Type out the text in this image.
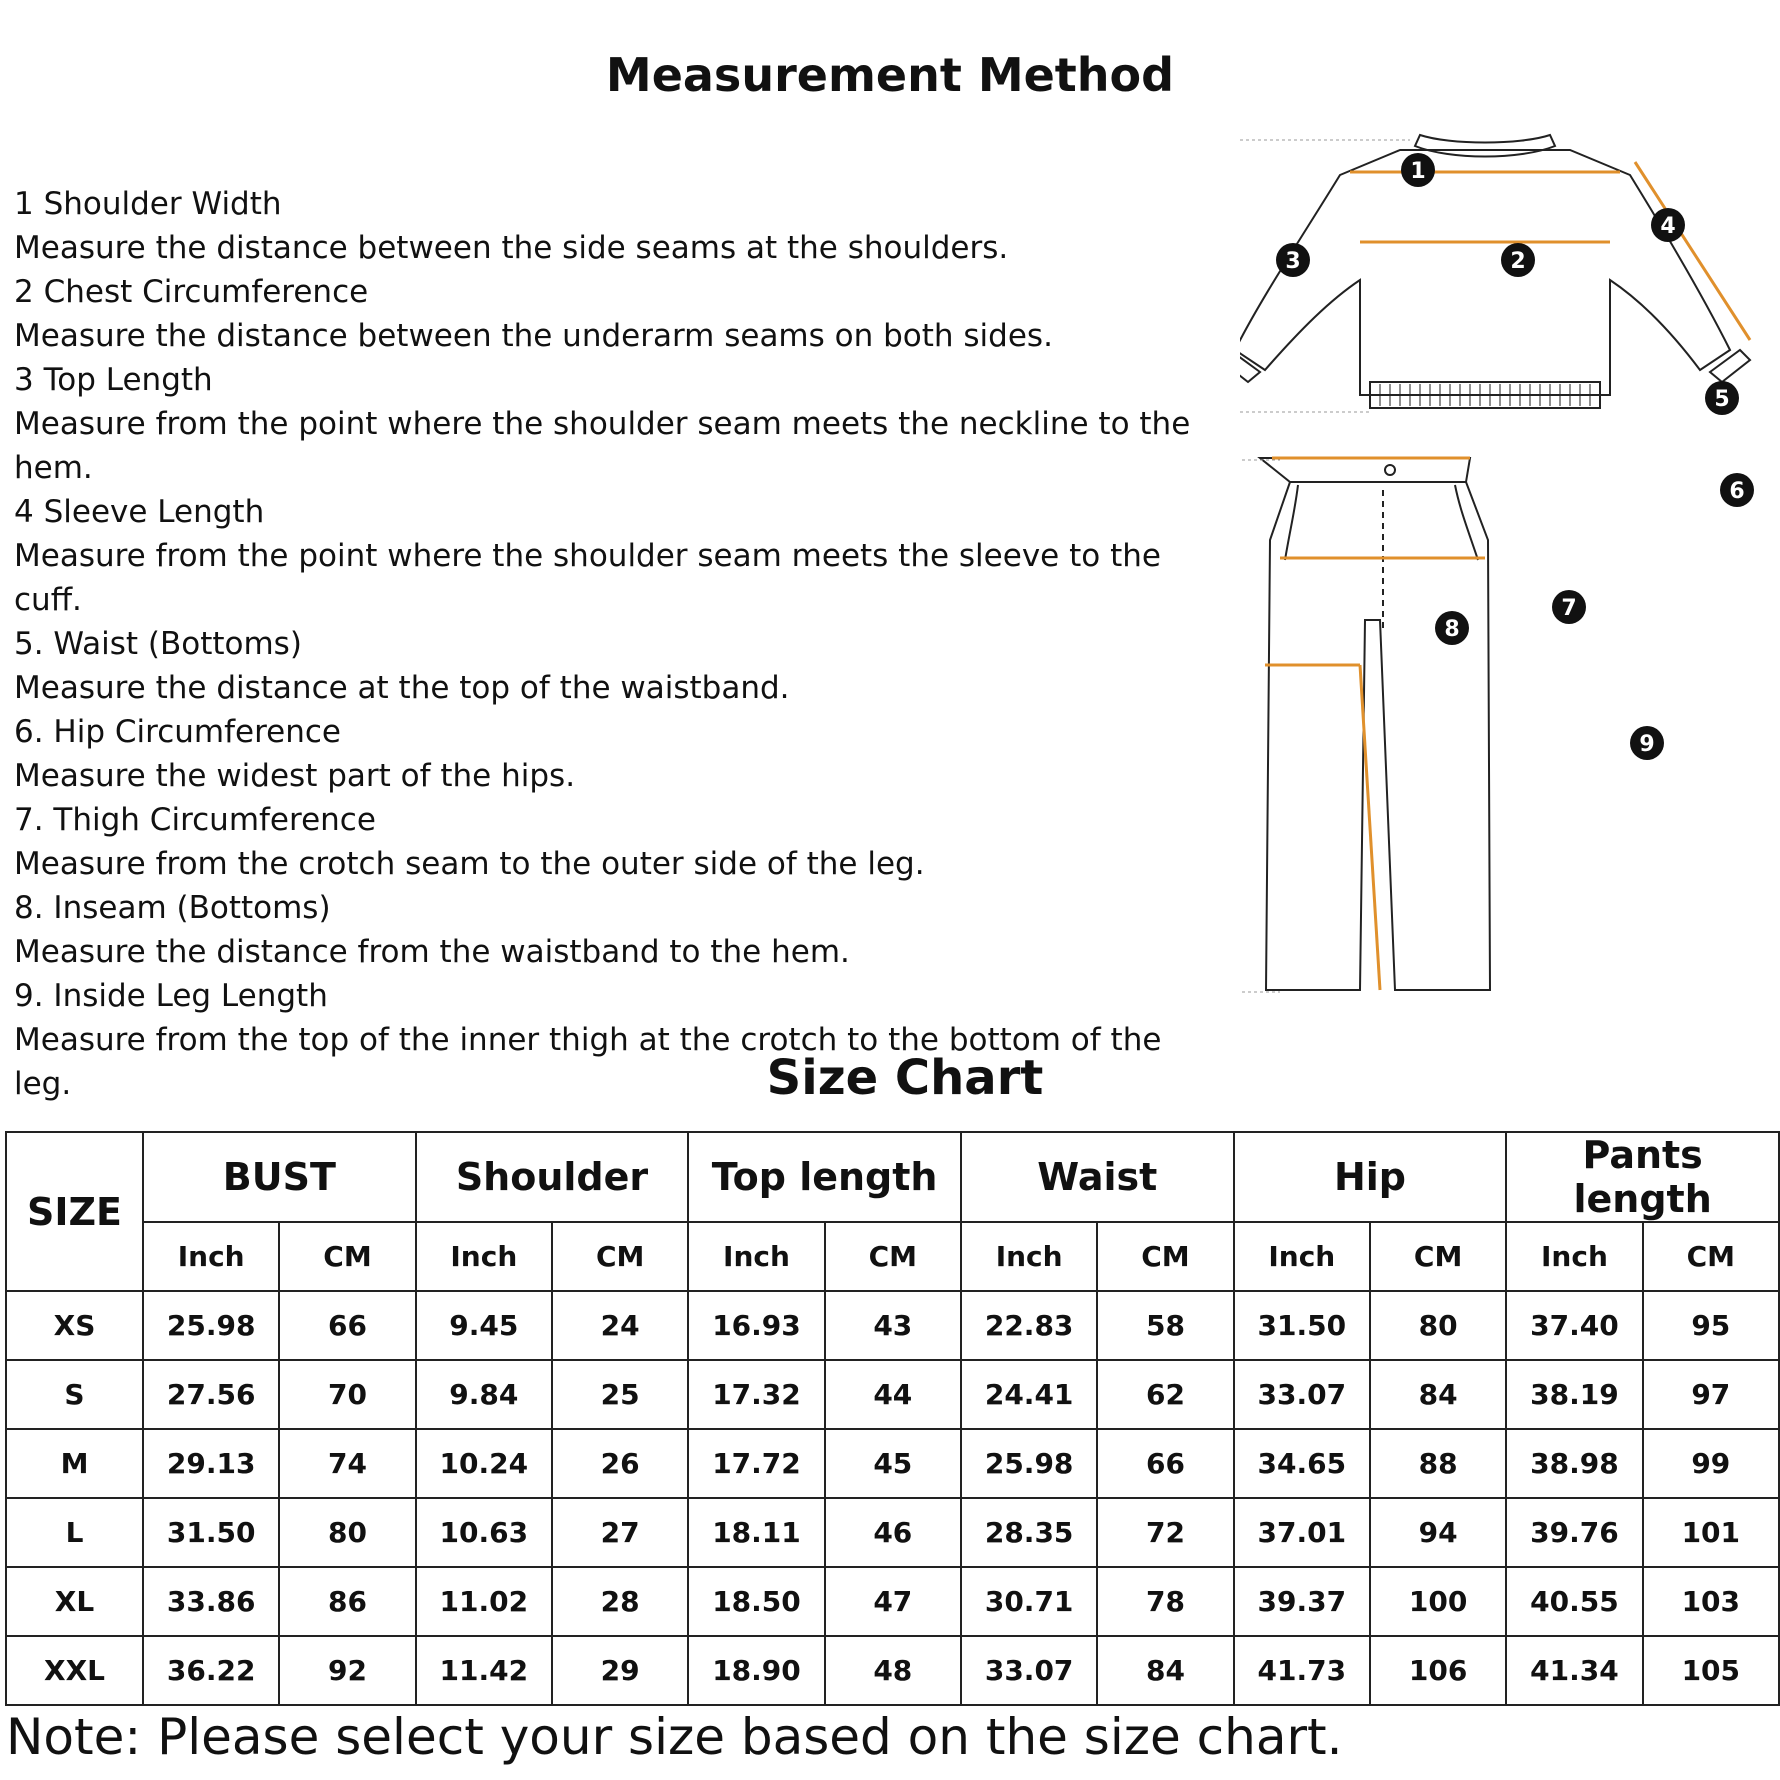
Measurement Method
1 Shoulder Width
Measure the distance between the side seams at the shoulders.
2 Chest Circumference
Measure the distance between the underarm seams on both sides.
3 Top Length
Measure from the point where the shoulder seam meets the neckline to the
hem.
4 Sleeve Length
Measure from the point where the shoulder seam meets the sleeve to the cuff.
5. Waist (Bottoms)
Measure the distance at the top of the waistband.
6. Hip Circumference
Measure the widest part of the hips.
7. Thigh Circumference
Measure from the crotch seam to the outer side of the leg.
8. Inseam (Bottoms)
Measure the distance from the waistband to the hem.
9. Inside Leg Length
Measure from the top of the inner thigh at the crotch to the bottom of the leg.
1
2
3
4
5
6
7
8
9
Size Chart
SIZE	BUST		Shoulder		Top length		Waist		Hip		Pants length	
	Inch	CM	Inch	CM	Inch	CM	Inch	CM	Inch	CM	Inch	CM
XS	25.98	66	9.45	24	16.93	43	22.83	58	31.50	80	37.40	95
S	27.56	70	9.84	25	17.32	44	24.41	62	33.07	84	38.19	97
M	29.13	74	10.24	26	17.72	45	25.98	66	34.65	88	38.98	99
L	31.50	80	10.63	27	18.11	46	28.35	72	37.01	94	39.76	101
XL	33.86	86	11.02	28	18.50	47	30.71	78	39.37	100	40.55	103
XXL	36.22	92	11.42	29	18.90	48	33.07	84	41.73	106	41.34	105

Note: Please select your size based on the size chart.
